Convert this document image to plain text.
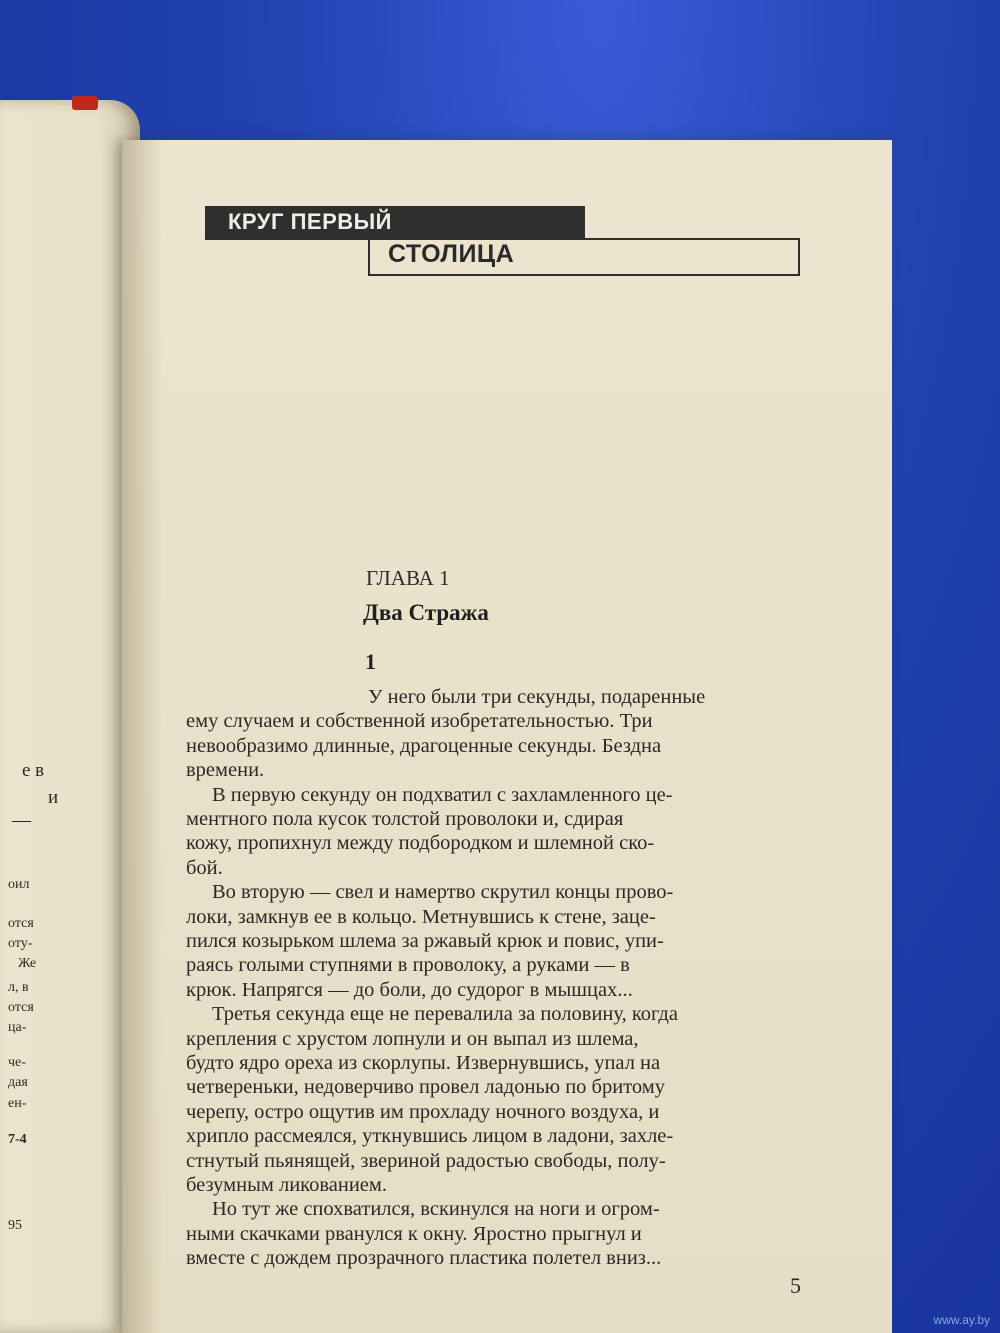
е в
и
—
оил
отся
оту-
Же
л, в
отся
ца-
че-
дая
ен-
7-4
95
КРУГ ПЕРВЫЙ
СТОЛИЦА
ГЛАВА 1
Два Стража
1
У него были три секунды, подаренные
ему случаем и собственной изобретательностью. Три
невообразимо длинные, драгоценные секунды. Бездна
времени.
В первую секунду он подхватил с захламленного це-
ментного пола кусок толстой проволоки и, сдирая
кожу, пропихнул между подбородком и шлемной ско-
бой.
Во вторую — свел и намертво скрутил концы прово-
локи, замкнув ее в кольцо. Метнувшись к стене, заце-
пился козырьком шлема за ржавый крюк и повис, упи-
раясь голыми ступнями в проволоку, а руками — в
крюк. Напрягся — до боли, до судорог в мышцах...
Третья секунда еще не перевалила за половину, когда
крепления с хрустом лопнули и он выпал из шлема,
будто ядро ореха из скорлупы. Извернувшись, упал на
четвереньки, недоверчиво провел ладонью по бритому
черепу, остро ощутив им прохладу ночного воздуха, и
хрипло рассмеялся, уткнувшись лицом в ладони, захле-
стнутый пьянящей, звериной радостью свободы, полу-
безумным ликованием.
Но тут же спохватился, вскинулся на ноги и огром-
ными скачками рванулся к окну. Яростно прыгнул и
вместе с дождем прозрачного пластика полетел вниз...
5
www.ay.by
